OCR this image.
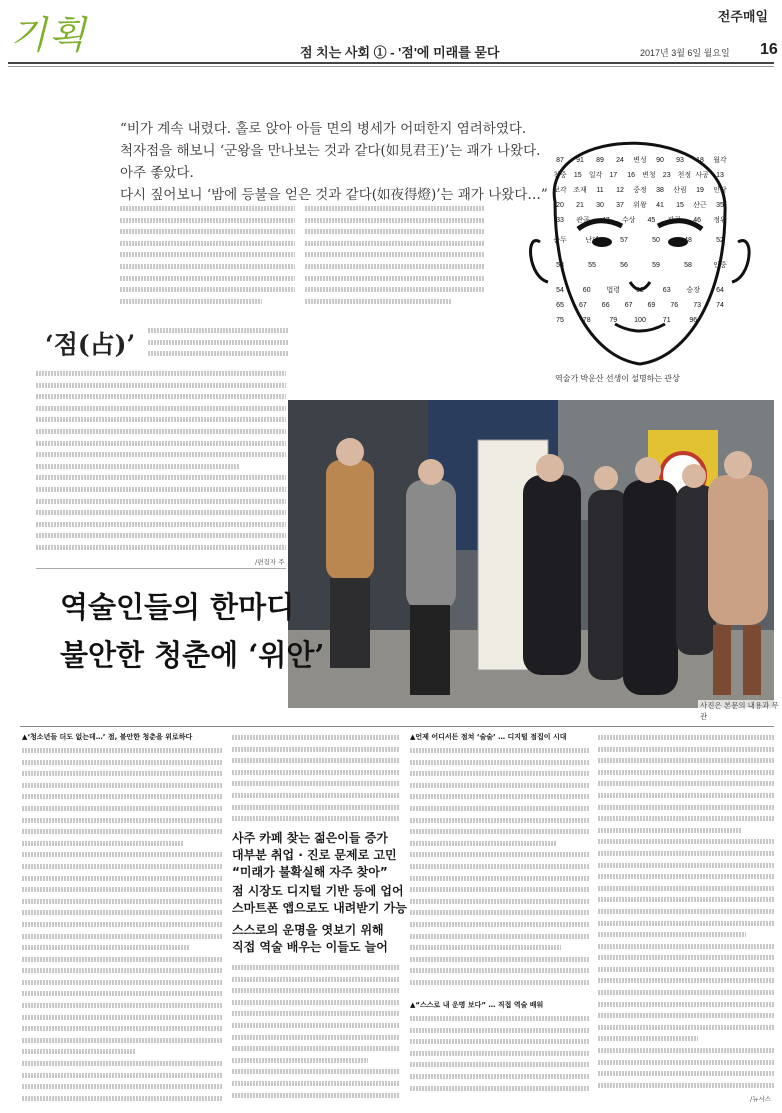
기획	전주매일
점 치는 사회 ① - '점'에 미래를 묻다	2017년 3월 6일 월요일 16
“비가 계속 내렸다. 홀로 앉아 아들 면의 병세가 어떠한지 염려하였다.
척자점을 해보니 ‘군왕을 만나보는 것과 같다(如見君王)’는 괘가 나왔다.
아주 좋았다.
다시 짚어보니 ‘밤에 등불을 얻은 것과 같다(如夜得燈)’는 괘가 나왔다…”
‘점(占)’
/편집자 주
87 91 89 24 변성 90 93 18 월각
천중 15 일각 17 16 변청 23 천정 사공 13
보각 조재 11 12 중정 38 산림 19 인당
20 21 30 37 위왕 41 15 산근 35
33 관골 47 수상 45 관골 46 정위
준두	난대	57	50	48	52
53	55	56	59	58	인중
54	60 법령 62	63 승장 64
65 67 66 67 69 76 73 74
75	78	79 100 71	96
역술가 박운산 선생이 설명하는 관상
사진은 본문의 내용과 무관
역술인들의 한마디
불안한 청춘에 ‘위안’
▲‘청소년들 더도 없는데…’ 점, 불안한 청춘을 위로하다
사주 카페 찾는 젊은이들 증가
대부분 취업 · 진로 문제로 고민
“미래가 불확실해 자주 찾아”
점 시장도 디지털 기반 등에 업어
스마트폰 앱으로도 내려받기 가능
스스로의 운명을 엿보기 위해
직접 역술 배우는 이들도 늘어
▲언제 어디서든 점쳐 ‘술술’ … 디지털 점집이 시대
▲“스스로 내 운명 보다” … 직접 역술 배워
/뉴시스
